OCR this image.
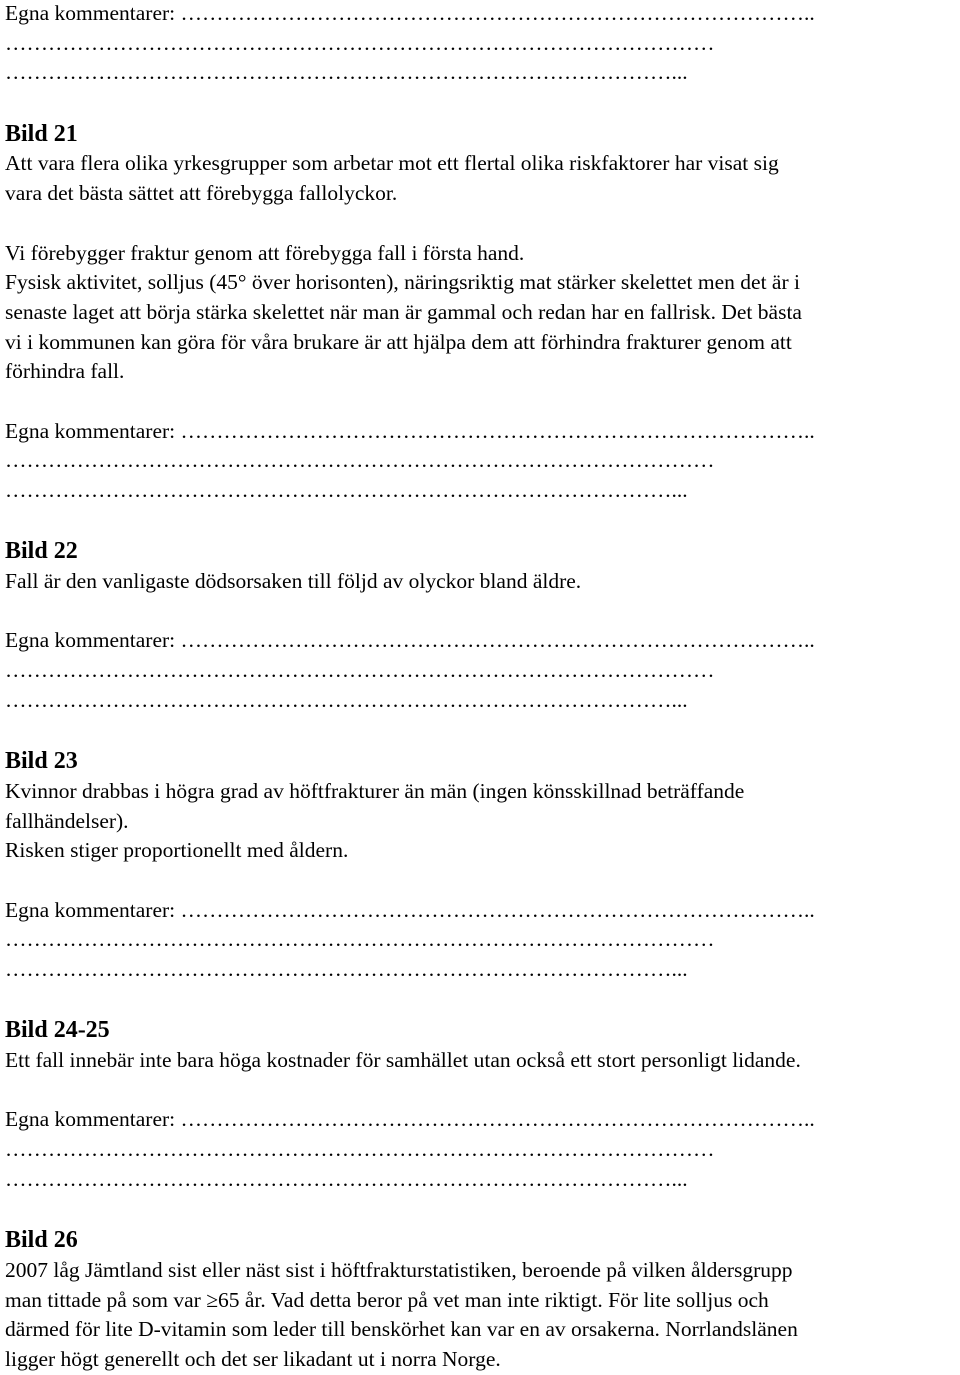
Egna kommentarer: ……………………………………………………………………………..
………………………………………………………………………………………
…………………………………………………………………………………...
Bild 21
Att vara flera olika yrkesgrupper som arbetar mot ett flertal olika riskfaktorer har visat sig
vara det bästa sättet att förebygga fallolyckor.
Vi förebygger fraktur genom att förebygga fall i första hand.
Fysisk aktivitet, solljus (45° över horisonten), näringsriktig mat stärker skelettet men det är i
senaste laget att börja stärka skelettet när man är gammal och redan har en fallrisk. Det bästa
vi i kommunen kan göra för våra brukare är att hjälpa dem att förhindra frakturer genom att
förhindra fall.
Egna kommentarer: ……………………………………………………………………………..
………………………………………………………………………………………
…………………………………………………………………………………...
Bild 22
Fall är den vanligaste dödsorsaken till följd av olyckor bland äldre.
Egna kommentarer: ……………………………………………………………………………..
………………………………………………………………………………………
…………………………………………………………………………………...
Bild 23
Kvinnor drabbas i högra grad av höftfrakturer än män (ingen könsskillnad beträffande
fallhändelser).
Risken stiger proportionellt med åldern.
Egna kommentarer: ……………………………………………………………………………..
………………………………………………………………………………………
…………………………………………………………………………………...
Bild 24-25
Ett fall innebär inte bara höga kostnader för samhället utan också ett stort personligt lidande.
Egna kommentarer: ……………………………………………………………………………..
………………………………………………………………………………………
…………………………………………………………………………………...
Bild 26
2007 låg Jämtland sist eller näst sist i höftfrakturstatistiken, beroende på vilken åldersgrupp
man tittade på som var ≥65 år. Vad detta beror på vet man inte riktigt. För lite solljus och
därmed för lite D-vitamin som leder till benskörhet kan var en av orsakerna. Norrlandslänen
ligger högt generellt och det ser likadant ut i norra Norge.
